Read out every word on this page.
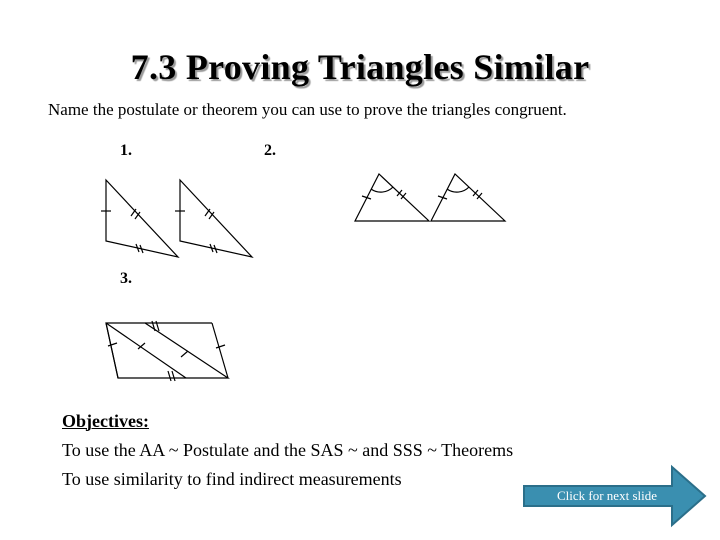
7.3 Proving Triangles Similar
Name the postulate or theorem you can use to prove the triangles congruent.
1.	2.
3.
Objectives:
To use the AA ~ Postulate and the SAS ~ and SSS ~ Theorems
To use similarity to find indirect measurements
Click for next slide
